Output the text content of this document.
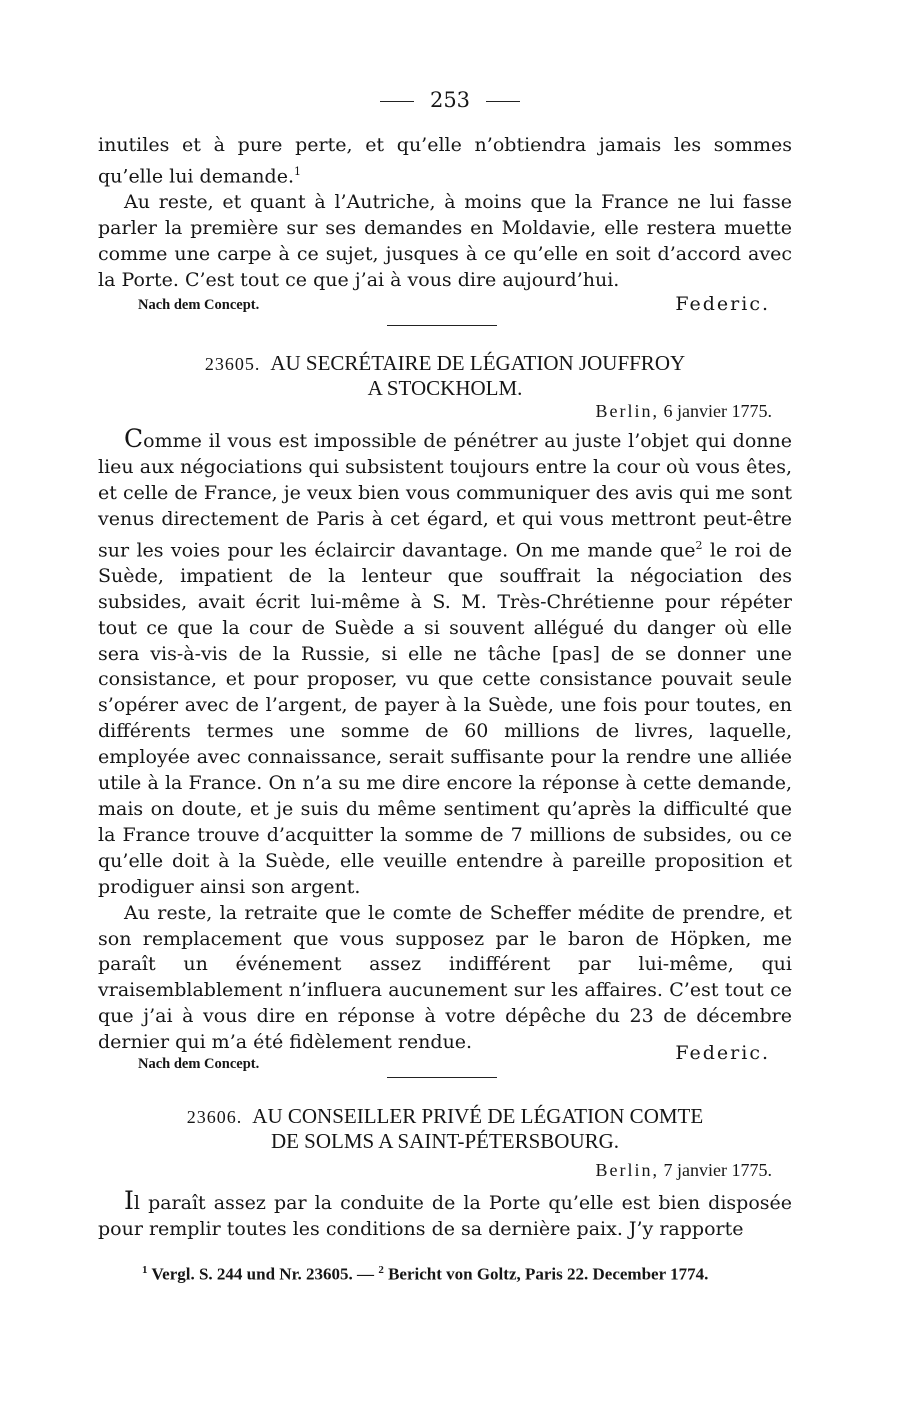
253

inutiles et à pure perte, et qu’elle n’obtiendra jamais les sommes qu’elle lui demande.$^1$

Au reste, et quant à l’Autriche, à moins que la France ne lui fasse parler la première sur ses demandes en Moldavie, elle restera muette comme une carpe à ce sujet, jusques à ce qu’elle en soit d’accord avec la Porte. C’est tout ce que j’ai à vous dire aujourd’hui.

Nach dem Concept.	Federic.
23605. AU SECRÉTAIRE DE LÉGATION JOUFFROY
A STOCKHOLM.
Berlin, 6 janvier 1775.

Comme il vous est impossible de pénétrer au juste l’objet qui donne lieu aux négociations qui subsistent toujours entre la cour où vous êtes, et celle de France, je veux bien vous communiquer des avis qui me sont venus directement de Paris à cet égard, et qui vous mettront peut-être sur les voies pour les éclaircir davantage. On me mande que$^2$ le roi de Suède, impatient de la lenteur que souffrait la négociation des subsides, avait écrit lui-même à S. M. Très-Chrétienne pour répéter tout ce que la cour de Suède a si souvent allégué du danger où elle sera vis-à-vis de la Russie, si elle ne tâche [pas] de se donner une consistance, et pour proposer, vu que cette consistance pouvait seule s’opérer avec de l’argent, de payer à la Suède, une fois pour toutes, en différents termes une somme de 60 millions de livres, laquelle, employée avec connaissance, serait suffisante pour la rendre une alliée utile à la France. On n’a su me dire encore la réponse à cette demande, mais on doute, et je suis du même sentiment qu’après la difficulté que la France trouve d’acquitter la somme de 7 millions de subsides, ou ce qu’elle doit à la Suède, elle veuille entendre à pareille proposition et prodiguer ainsi son argent.

Au reste, la retraite que le comte de Scheffer médite de prendre, et son remplacement que vous supposez par le baron de Höpken, me paraît un événement assez indifférent par lui-même, qui vraisemblablement n’influera aucunement sur les affaires. C’est tout ce que j’ai à vous dire en réponse à votre dépêche du 23 de décembre dernier qui m’a été fidèlement rendue.

Nach dem Concept.	Federic.
23606. AU CONSEILLER PRIVÉ DE LÉGATION COMTE
DE SOLMS A SAINT-PÉTERSBOURG.
Berlin, 7 janvier 1775.

Il paraît assez par la conduite de la Porte qu’elle est bien disposée pour remplir toutes les conditions de sa dernière paix. J’y rapporte

$^1$ Vergl. S. 244 und Nr. 23605. — $^2$ Bericht von Goltz, Paris 22. December 1774.
